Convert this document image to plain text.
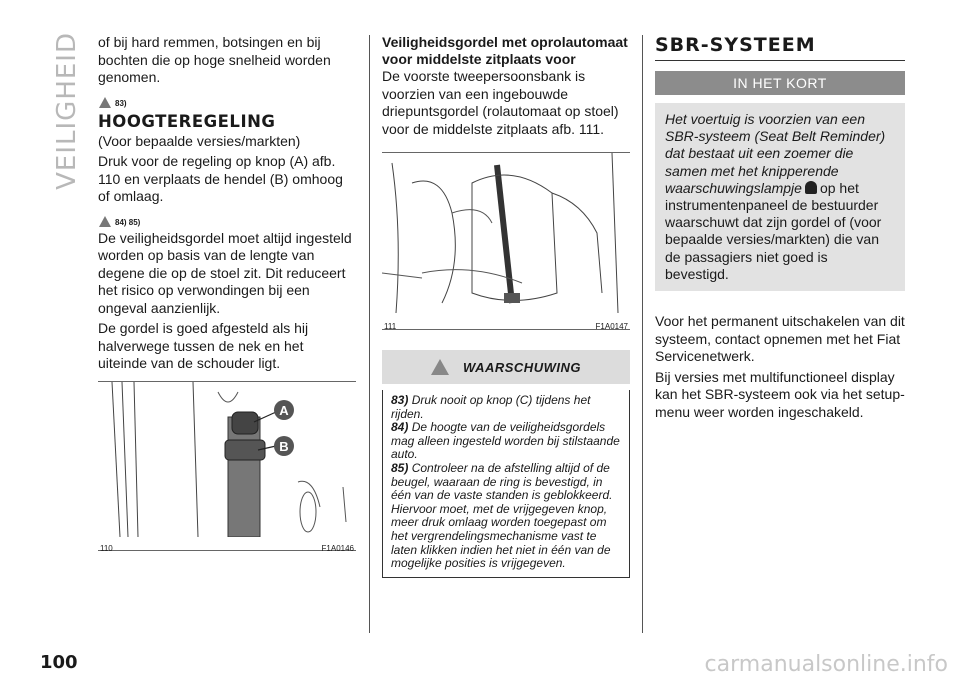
VEILIGHEID of bij hard remmen, botsingen en bij bochten die op hoge snelheid worden genomen.

83)
HOOGTEREGELING

(Voor bepaalde versies/markten)

Druk voor de regeling op knop (A) afb. 110 en verplaats de hendel (B) omhoog of omlaag.

84) 85)

De veiligheidsgordel moet altijd ingesteld worden op basis van de lengte van degene die op de stoel zit. Dit reduceert het risico op verwondingen bij een ongeval aanzienlijk.

De gordel is goed afgesteld als hij halverwege tussen de nek en het uiteinde van de schouder ligt.

A
B
110	F1A0146
Veiligheidsgordel met oprolautomaat voor middelste zitplaats voor

De voorste tweepersoonsbank is voorzien van een ingebouwde driepuntsgordel (rolautomaat op stoel) voor de middelste zitplaats afb. 111.

111	F1A0147
WAARSCHUWING

83) Druk nooit op knop (C) tijdens het rijden.

84) De hoogte van de veiligheidsgordels mag alleen ingesteld worden bij stilstaande auto.

85) Controleer na de afstelling altijd of de beugel, waaraan de ring is bevestigd, in één van de vaste standen is geblokkeerd. Hiervoor moet, met de vrijgegeven knop, meer druk omlaag worden toegepast om het vergrendelingsmechanisme vast te laten klikken indien het niet in één van de mogelijke posities is vrijgegeven.

SBR-SYSTEEM
IN HET KORT

Het voertuig is voorzien van een SBR-systeem (Seat Belt Reminder) dat bestaat uit een zoemer die samen met het knipperende waarschuwingslampje op het instrumentenpaneel de bestuurder waarschuwt dat zijn gordel of (voor bepaalde versies/markten) die van de passagiers niet goed is bevestigd.

Voor het permanent uitschakelen van dit systeem, contact opnemen met het Fiat Servicenetwerk.

Bij versies met multifunctioneel display kan het SBR-systeem ook via het setup-menu weer worden ingeschakeld.

100	carmanualsonline.info
